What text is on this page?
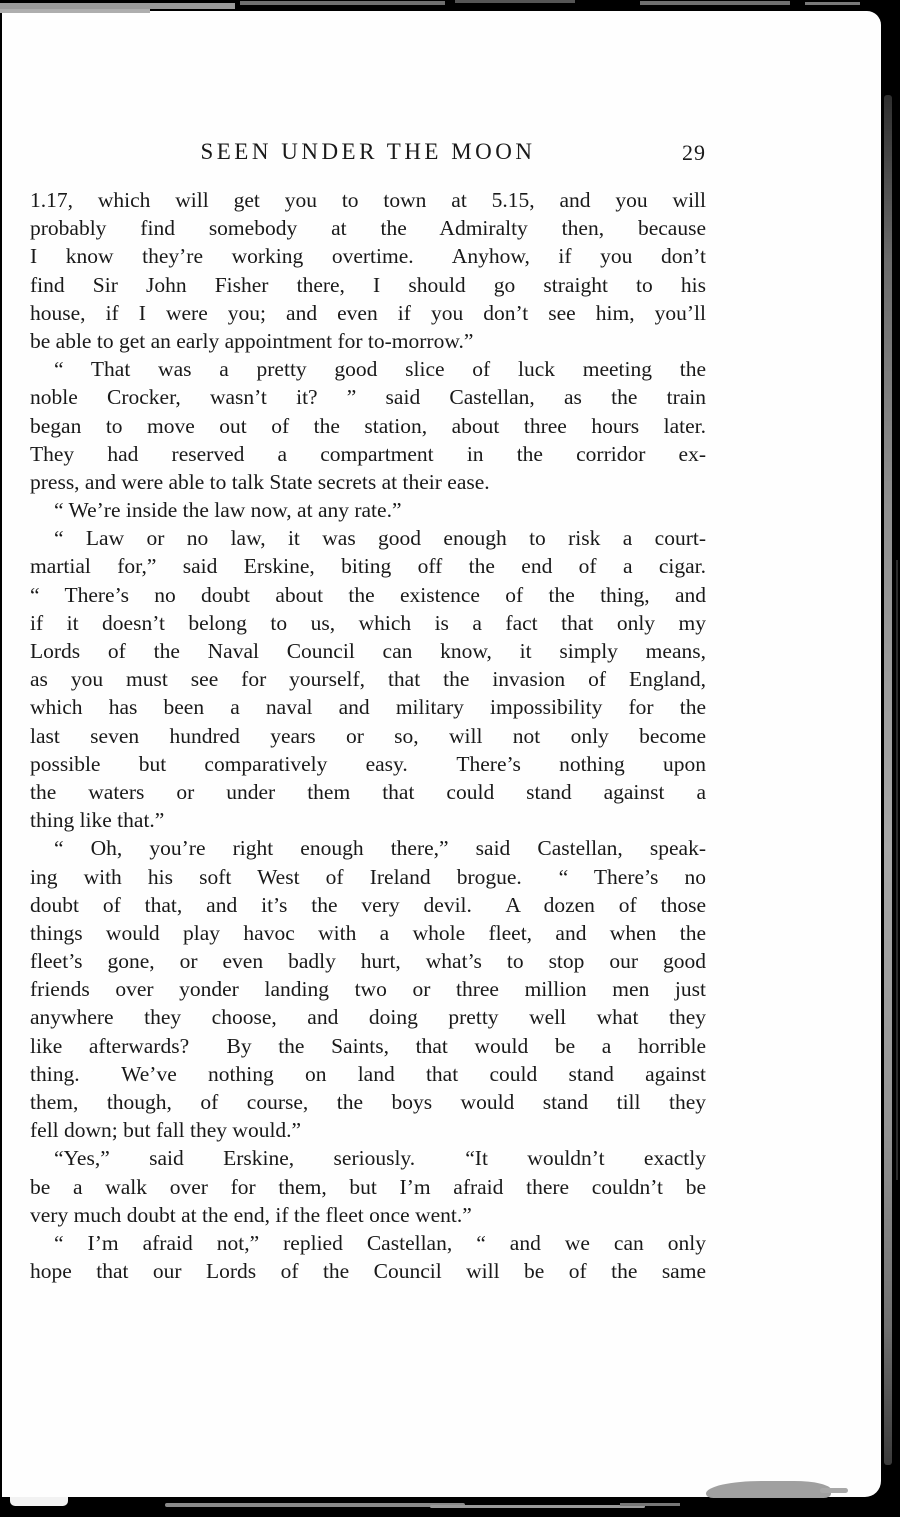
SEEN UNDER THE MOON	29
1.17, which will get you to town at 5.15, and you will
probably find somebody at the Admiralty then, because
I know they’re working overtime.  Anyhow, if you don’t
find Sir John Fisher there, I should go straight to his
house, if I were you; and even if you don’t see him, you’ll
be able to get an early appointment for to-morrow.”
“ That was a pretty good slice of luck meeting the
noble Crocker, wasn’t it? ” said Castellan, as the train
began to move out of the station, about three hours later.
They had reserved a compartment in the corridor ex-
press, and were able to talk State secrets at their ease.
“ We’re inside the law now, at any rate.”
“ Law or no law, it was good enough to risk a court-
martial for,” said Erskine, biting off the end of a cigar.
“ There’s no doubt about the existence of the thing, and
if it doesn’t belong to us, which is a fact that only my
Lords of the Naval Council can know, it simply means,
as you must see for yourself, that the invasion of England,
which has been a naval and military impossibility for the
last seven hundred years or so, will not only become
possible but comparatively easy.  There’s nothing upon
the waters or under them that could stand against a
thing like that.”
“ Oh, you’re right enough there,” said Castellan, speak-
ing with his soft West of Ireland brogue.  “ There’s no
doubt of that, and it’s the very devil.  A dozen of those
things would play havoc with a whole fleet, and when the
fleet’s gone, or even badly hurt, what’s to stop our good
friends over yonder landing two or three million men just
anywhere they choose, and doing pretty well what they
like afterwards?  By the Saints, that would be a horrible
thing.  We’ve nothing on land that could stand against
them, though, of course, the boys would stand till they
fell down; but fall they would.”
“Yes,” said Erskine, seriously.  “It wouldn’t exactly
be a walk over for them, but I’m afraid there couldn’t be
very much doubt at the end, if the fleet once went.”
“ I’m afraid not,” replied Castellan, “ and we can only
hope that our Lords of the Council will be of the same
